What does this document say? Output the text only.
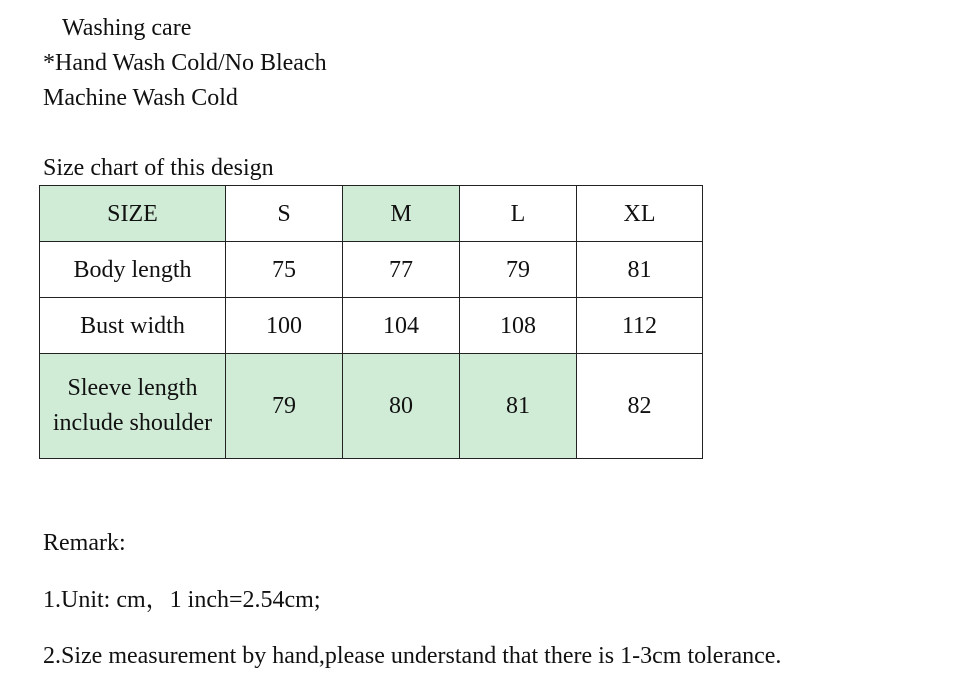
Washing care
*Hand Wash Cold/No Bleach
Machine Wash Cold
Size chart of this design
SIZE	S	M	L	XL
Body length	75	77	79	81
Bust width	100	104	108	112

Sleeve length
include shoulder	79	80	81	82
Remark:
1.Unit: cm，1 inch=2.54cm;
2.Size measurement by hand,please understand that there is 1-3cm tolerance.
